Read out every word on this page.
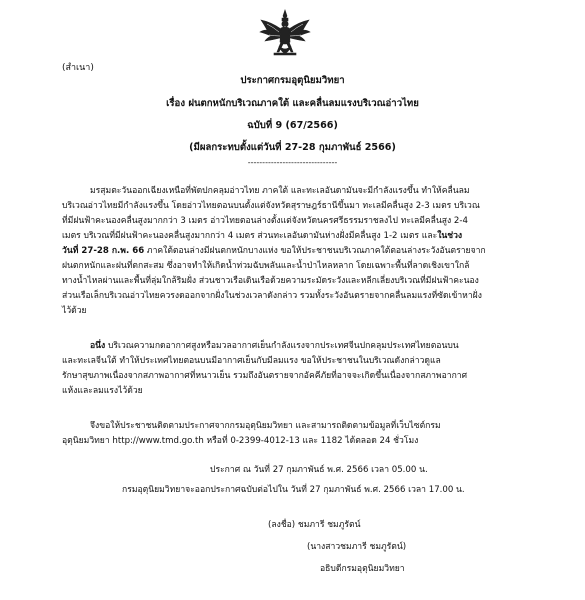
(สำเนา)
ประกาศกรมอุตุนิยมวิทยา
เรื่อง ฝนตกหนักบริเวณภาคใต้ และคลื่นลมแรงบริเวณอ่าวไทย
ฉบับที่ 9 (67/2566)
(มีผลกระทบตั้งแต่วันที่ 27-28 กุมภาพันธ์ 2566)
-------------------------------
มรสุมตะวันออกเฉียงเหนือที่พัดปกคลุมอ่าวไทย ภาคใต้ และทะเลอันดามันจะมีกำลังแรงขึ้น ทำให้คลื่นลม
บริเวณอ่าวไทยมีกำลังแรงขึ้น โดยอ่าวไทยตอนบนตั้งแต่จังหวัดสุราษฎร์ธานีขึ้นมา ทะเลมีคลื่นสูง 2-3 เมตร บริเวณ
ที่มีฝนฟ้าคะนองคลื่นสูงมากกว่า 3 เมตร อ่าวไทยตอนล่างตั้งแต่จังหวัดนครศรีธรรมราชลงไป ทะเลมีคลื่นสูง 2-4
เมตร บริเวณที่มีฝนฟ้าคะนองคลื่นสูงมากกว่า 4 เมตร ส่วนทะเลอันดามันห่างฝั่งมีคลื่นสูง 1-2 เมตร และในช่วง
วันที่ 27-28 ก.พ. 66 ภาคใต้ตอนล่างมีฝนตกหนักบางแห่ง ขอให้ประชาชนบริเวณภาคใต้ตอนล่างระวังอันตรายจาก
ฝนตกหนักและฝนที่ตกสะสม ซึ่งอาจทำให้เกิดน้ำท่วมฉับพลันและน้ำป่าไหลหลาก โดยเฉพาะพื้นที่ลาดเชิงเขาใกล้
ทางน้ำไหลผ่านและพื้นที่ลุ่มใกล้ริมฝั่ง ส่วนชาวเรือเดินเรือด้วยความระมัดระวังและหลีกเลี่ยงบริเวณที่มีฝนฟ้าคะนอง
ส่วนเรือเล็กบริเวณอ่าวไทยควรงดออกจากฝั่งในช่วงเวลาดังกล่าว รวมทั้งระวังอันตรายจากคลื่นลมแรงที่ซัดเข้าหาฝั่ง
ไว้ด้วย
อนึ่ง บริเวณความกดอากาศสูงหรือมวลอากาศเย็นกำลังแรงจากประเทศจีนปกคลุมประเทศไทยตอนบน
และทะเลจีนใต้ ทำให้ประเทศไทยตอนบนมีอากาศเย็นกับมีลมแรง ขอให้ประชาชนในบริเวณดังกล่าวดูแล
รักษาสุขภาพเนื่องจากสภาพอากาศที่หนาวเย็น รวมถึงอันตรายจากอัคคีภัยที่อาจจะเกิดขึ้นเนื่องจากสภาพอากาศ
แห้งและลมแรงไว้ด้วย
จึงขอให้ประชาชนติดตามประกาศจากกรมอุตุนิยมวิทยา และสามารถติดตามข้อมูลที่เว็บไซต์กรม
อุตุนิยมวิทยา http://www.tmd.go.th หรือที่ 0-2399-4012-13 และ 1182 ได้ตลอด 24 ชั่วโมง
ประกาศ ณ วันที่ 27 กุมภาพันธ์ พ.ศ. 2566 เวลา 05.00 น.
กรมอุตุนิยมวิทยาจะออกประกาศฉบับต่อไปใน วันที่ 27 กุมภาพันธ์ พ.ศ. 2566 เวลา 17.00 น.
(ลงชื่อ) ชมภารี ชมภูรัตน์
(นางสาวชมภารี ชมภูรัตน์)
อธิบดีกรมอุตุนิยมวิทยา
